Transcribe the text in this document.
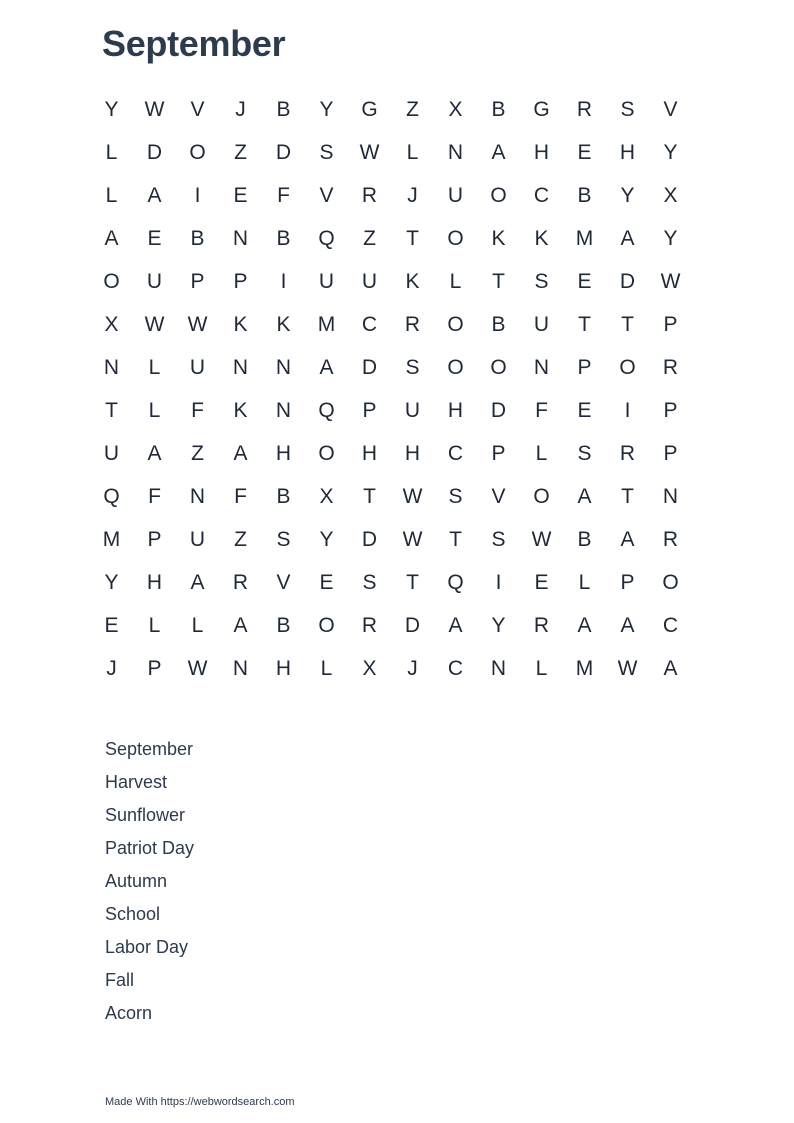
September
Y	W	V	J	B	Y	G	Z	X	B	G	R	S	V
L	D	O	Z	D	S	W	L	N	A	H	E	H	Y
L	A	I	E	F	V	R	J	U	O	C	B	Y	X
A	E	B	N	B	Q	Z	T	O	K	K	M	A	Y
O	U	P	P	I	U	U	K	L	T	S	E	D	W
X	W	W	K	K	M	C	R	O	B	U	T	T	P
N	L	U	N	N	A	D	S	O	O	N	P	O	R
T	L	F	K	N	Q	P	U	H	D	F	E	I	P
U	A	Z	A	H	O	H	H	C	P	L	S	R	P
Q	F	N	F	B	X	T	W	S	V	O	A	T	N
M	P	U	Z	S	Y	D	W	T	S	W	B	A	R
Y	H	A	R	V	E	S	T	Q	I	E	L	P	O
E	L	L	A	B	O	R	D	A	Y	R	A	A	C
J	P	W	N	H	L	X	J	C	N	L	M	W	A
September
Harvest
Sunflower
Patriot Day
Autumn
School
Labor Day
Fall
Acorn
Made With https://webwordsearch.com
